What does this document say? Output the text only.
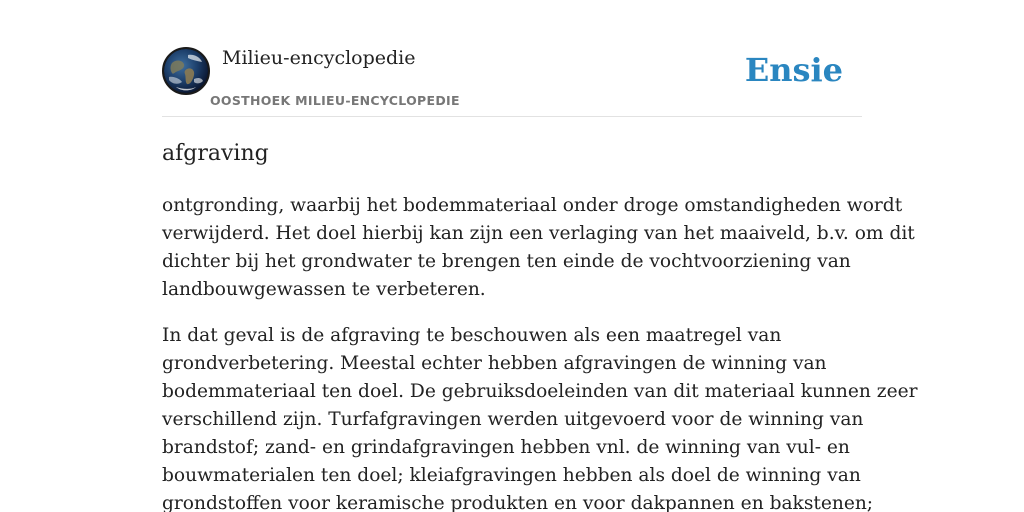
Milieu-encyclopedie
OOSTHOEK MILIEU-ENCYCLOPEDIE
Ensie
afgraving

ontgronding, waarbij het bodemmateriaal onder droge omstandigheden wordt
verwijderd. Het doel hierbij kan zijn een verlaging van het maaiveld, b.v. om dit
dichter bij het grondwater te brengen ten einde de vochtvoorziening van
landbouwgewassen te verbeteren.

In dat geval is de afgraving te beschouwen als een maatregel van
grondverbetering. Meestal echter hebben afgravingen de winning van
bodemmateriaal ten doel. De gebruiksdoeleinden van dit materiaal kunnen zeer
verschillend zijn. Turfafgravingen werden uitgevoerd voor de winning van
brandstof; zand- en grindafgravingen hebben vnl. de winning van vul- en
bouwmaterialen ten doel; kleiafgravingen hebben als doel de winning van
grondstoffen voor keramische produkten en voor dakpannen en bakstenen;
